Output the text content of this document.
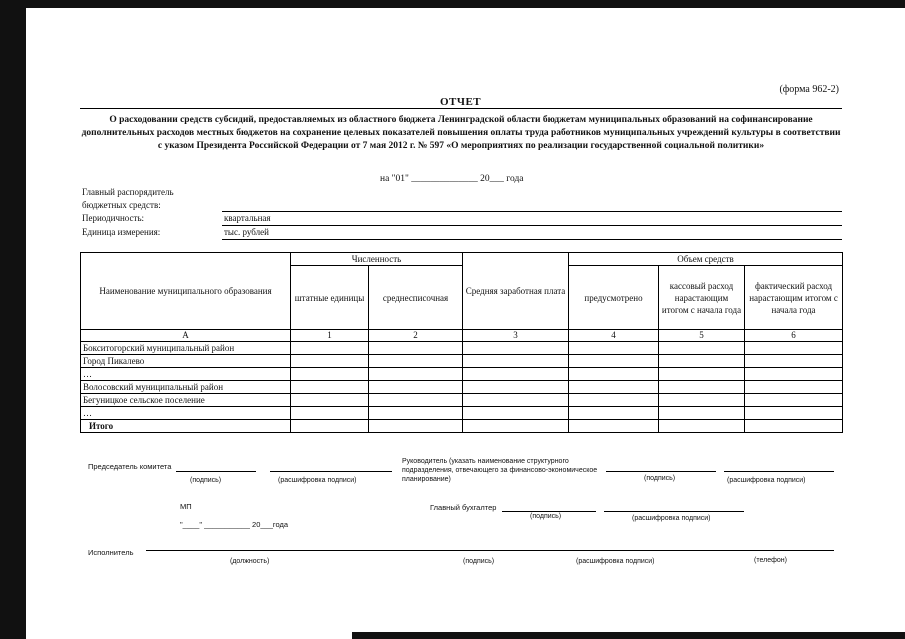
(форма 962-2)
ОТЧЕТ
О расходовании средств субсидий, предоставляемых из областного бюджета Ленинградской области бюджетам муниципальных образований на софинансирование дополнительных расходов местных бюджетов на сохранение целевых показателей повышения оплаты труда работников муниципальных учреждений культуры в соответствии с указом Президента Российской Федерации от 7 мая 2012 г. № 597 «О мероприятиях по реализации государственной социальной политики»
на "01" ______________ 20___ года
Главный распорядитель
бюджетных средств:
Периодичность:	квартальная
Единица измерения:	тыс. рублей
Наименование муниципального образования	Численность		Средняя заработная плата	Объем средств		
	штатные единицы	среднесписочная		предусмотрено	кассовый расход нарастающим итогом с начала года	фактический расход нарастающим итогом с начала года
А	1	2	3	4	5	6
Бокситогорский муниципальный район						
Город Пикалево						
…						
Волосовский муниципальный район						
Бегуницкое сельское поселение						
…						
Итого						
Председатель комитета
(подпись)	(расшифровка подписи)
Руководитель (указать наименование структурного подразделения, отвечающего за финансово-экономическое планирование)	(подпись)	(расшифровка подписи)
МП
"____" ___________ 20___года
Главный бухгалтер
(подпись)	(расшифровка подписи)
Исполнитель
(должность)	(подпись)	(расшифровка подписи)	(телефон)
